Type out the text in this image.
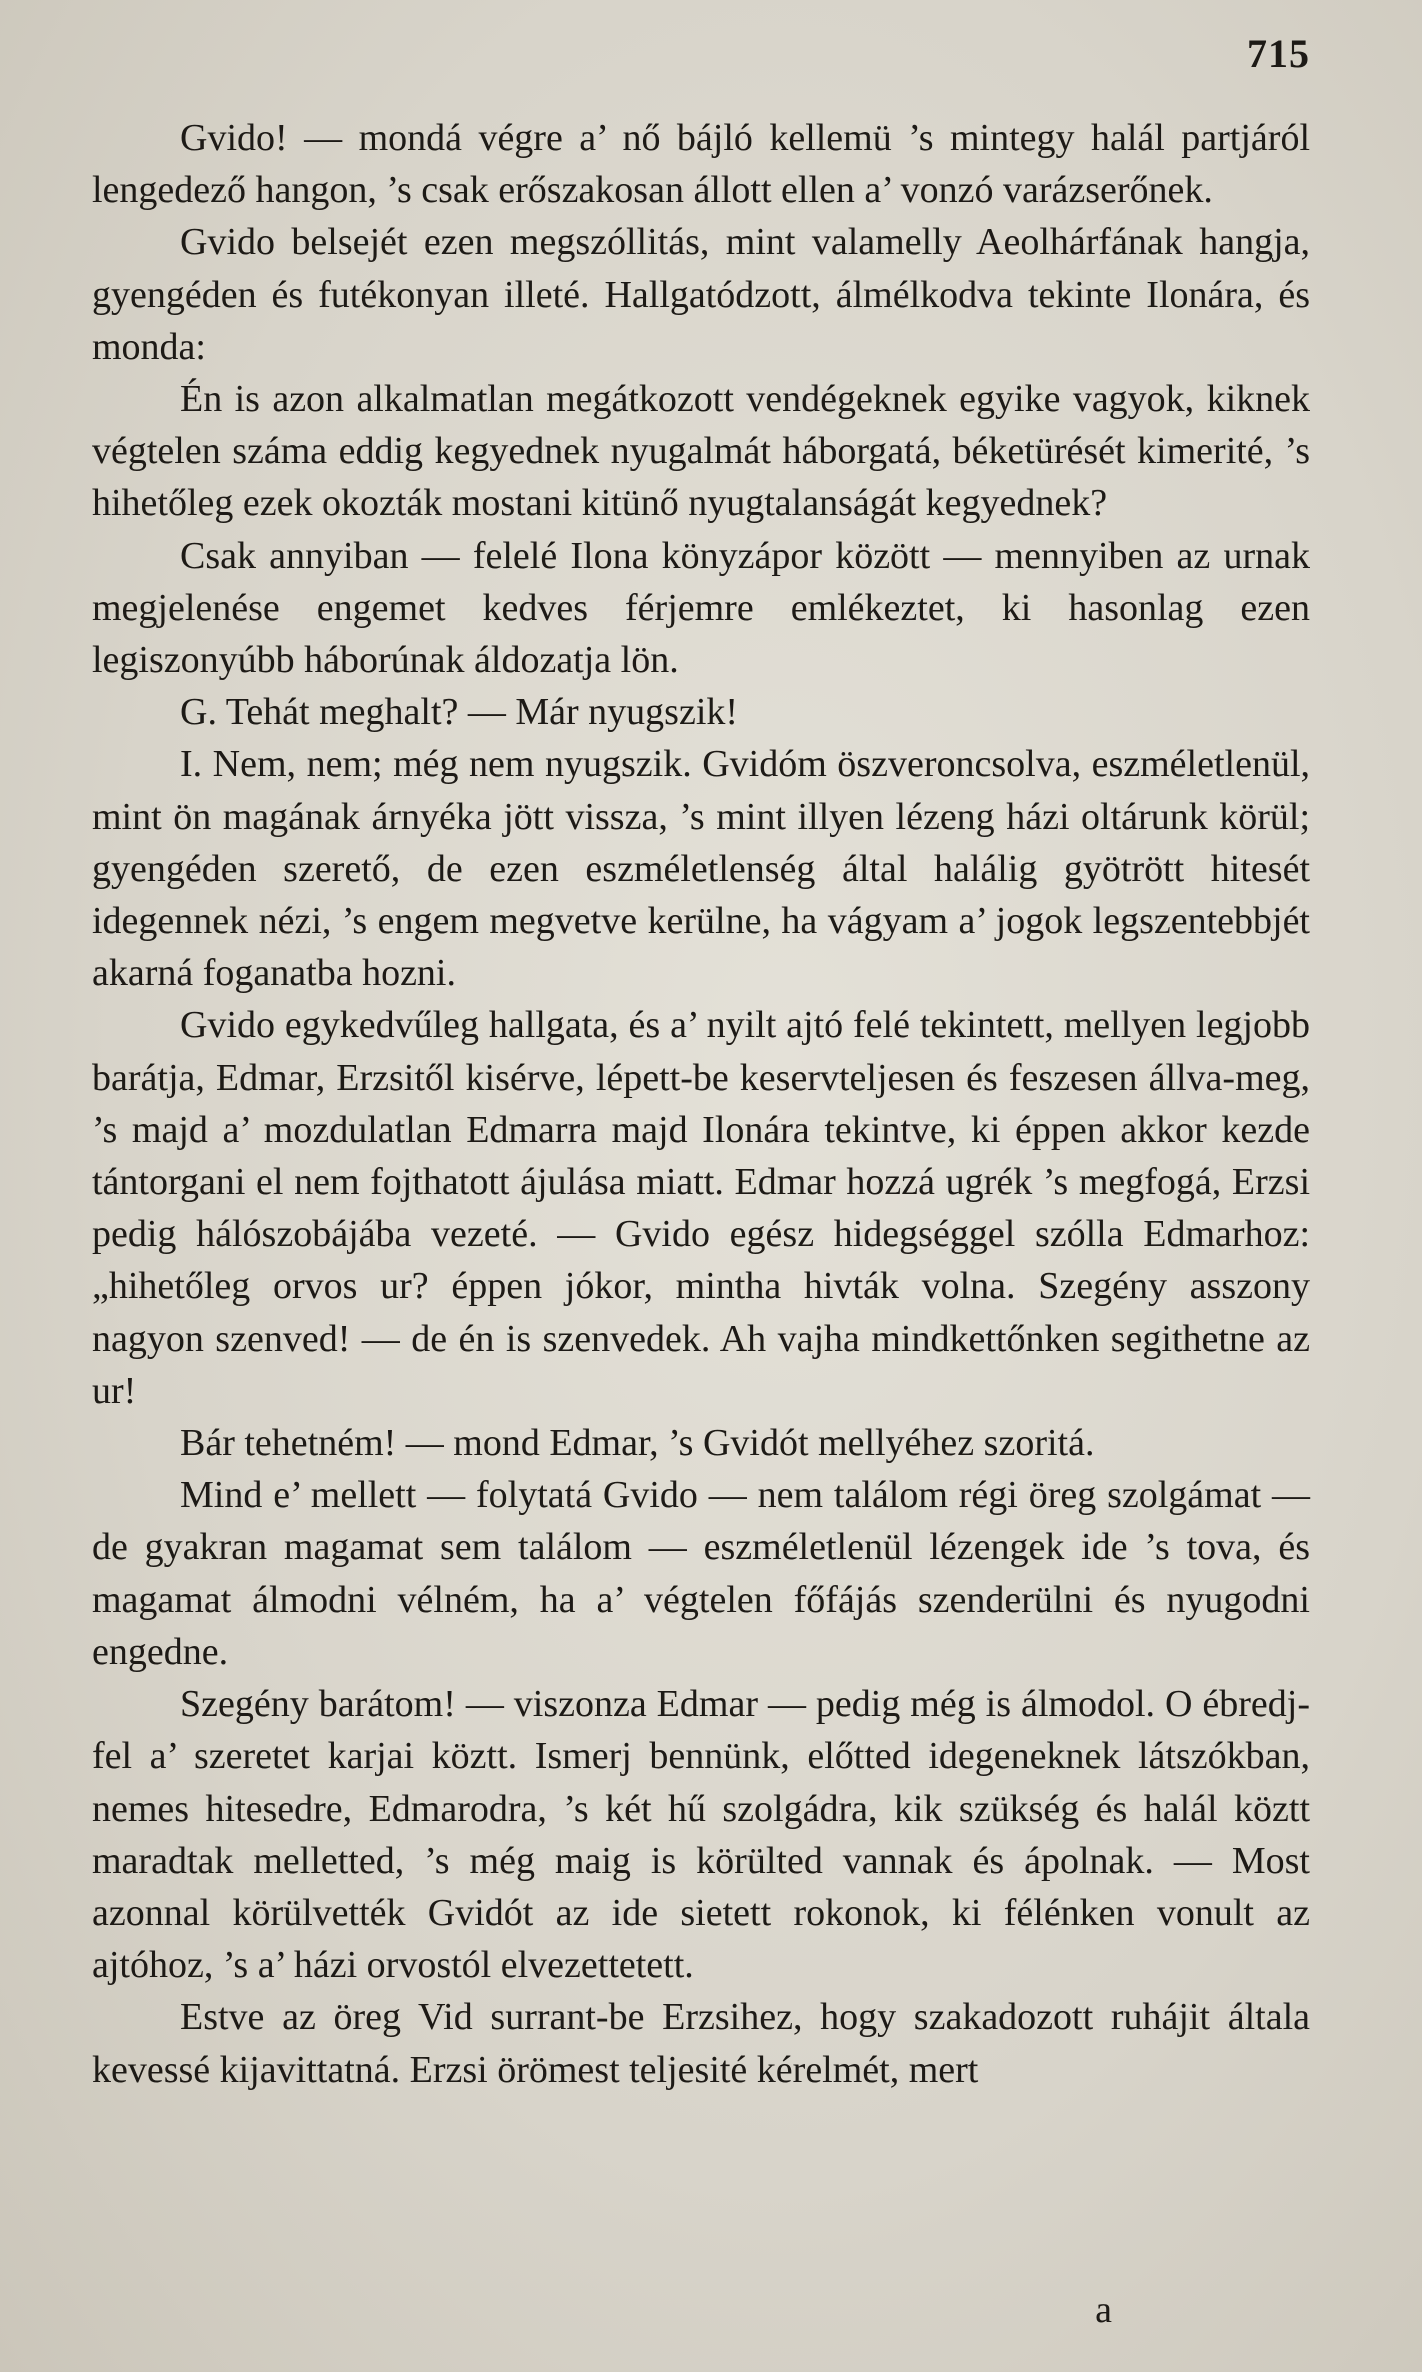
715

Gvido! — mondá végre a’ nő bájló kellemü ’s mintegy halál partjáról lengedező hangon, ’s csak erőszakosan állott ellen a’ vonzó varázserőnek.

Gvido belsejét ezen megszóllitás, mint valamelly Aeolhárfának hangja, gyengéden és futékonyan illeté. Hallgatódzott, álmélkodva tekinte Ilonára, és monda:

Én is azon alkalmatlan megátkozott vendégeknek egyike vagyok, kiknek végtelen száma eddig kegyednek nyugalmát háborgatá, béketürését kimerité, ’s hihetőleg ezek okozták mostani kitünő nyugtalanságát kegyednek?

Csak annyiban — felelé Ilona könyzápor között — mennyiben az urnak megjelenése engemet kedves férjemre emlékeztet, ki hasonlag ezen legiszonyúbb háborúnak áldozatja lön.

G. Tehát meghalt? — Már nyugszik!

I. Nem, nem; még nem nyugszik. Gvidóm öszveroncsolva, eszméletlenül, mint ön magának árnyéka jött vissza, ’s mint illyen lézeng házi oltárunk körül; gyengéden szerető, de ezen eszméletlenség által halálig gyötrött hitesét idegennek nézi, ’s engem megvetve kerülne, ha vágyam a’ jogok legszentebbjét akarná foganatba hozni.

Gvido egykedvűleg hallgata, és a’ nyilt ajtó felé tekintett, mellyen legjobb barátja, Edmar, Erzsitől kisérve, lépett-be keservteljesen és feszesen állva-meg, ’s majd a’ mozdulatlan Edmarra majd Ilonára tekintve, ki éppen akkor kezde tántorgani el nem fojthatott ájulása miatt. Edmar hozzá ugrék ’s megfogá, Erzsi pedig hálószobájába vezeté. — Gvido egész hidegséggel szólla Edmarhoz: „hihetőleg orvos ur? éppen jókor, mintha hivták volna. Szegény asszony nagyon szenved! — de én is szenvedek. Ah vajha mindkettőnken segithetne az ur!

Bár tehetném! — mond Edmar, ’s Gvidót mellyéhez szoritá.

Mind e’ mellett — folytatá Gvido — nem találom régi öreg szolgámat — de gyakran magamat sem találom — eszméletlenül lézengek ide ’s tova, és magamat álmodni vélném, ha a’ végtelen főfájás szenderülni és nyugodni engedne.

Szegény barátom! — viszonza Edmar — pedig még is álmodol. O ébredj-fel a’ szeretet karjai köztt. Ismerj bennünk, előtted idegeneknek látszókban, nemes hitesedre, Edmarodra, ’s két hű szolgádra, kik szükség és halál köztt maradtak melletted, ’s még maig is körülted vannak és ápolnak. — Most azonnal körülvették Gvidót az ide sietett rokonok, ki félénken vonult az ajtóhoz, ’s a’ házi orvostól elvezettetett.

Estve az öreg Vid surrant-be Erzsihez, hogy szakadozott ruhájit általa kevessé kijavittatná. Erzsi örömest teljesité kérelmét, mert

a
